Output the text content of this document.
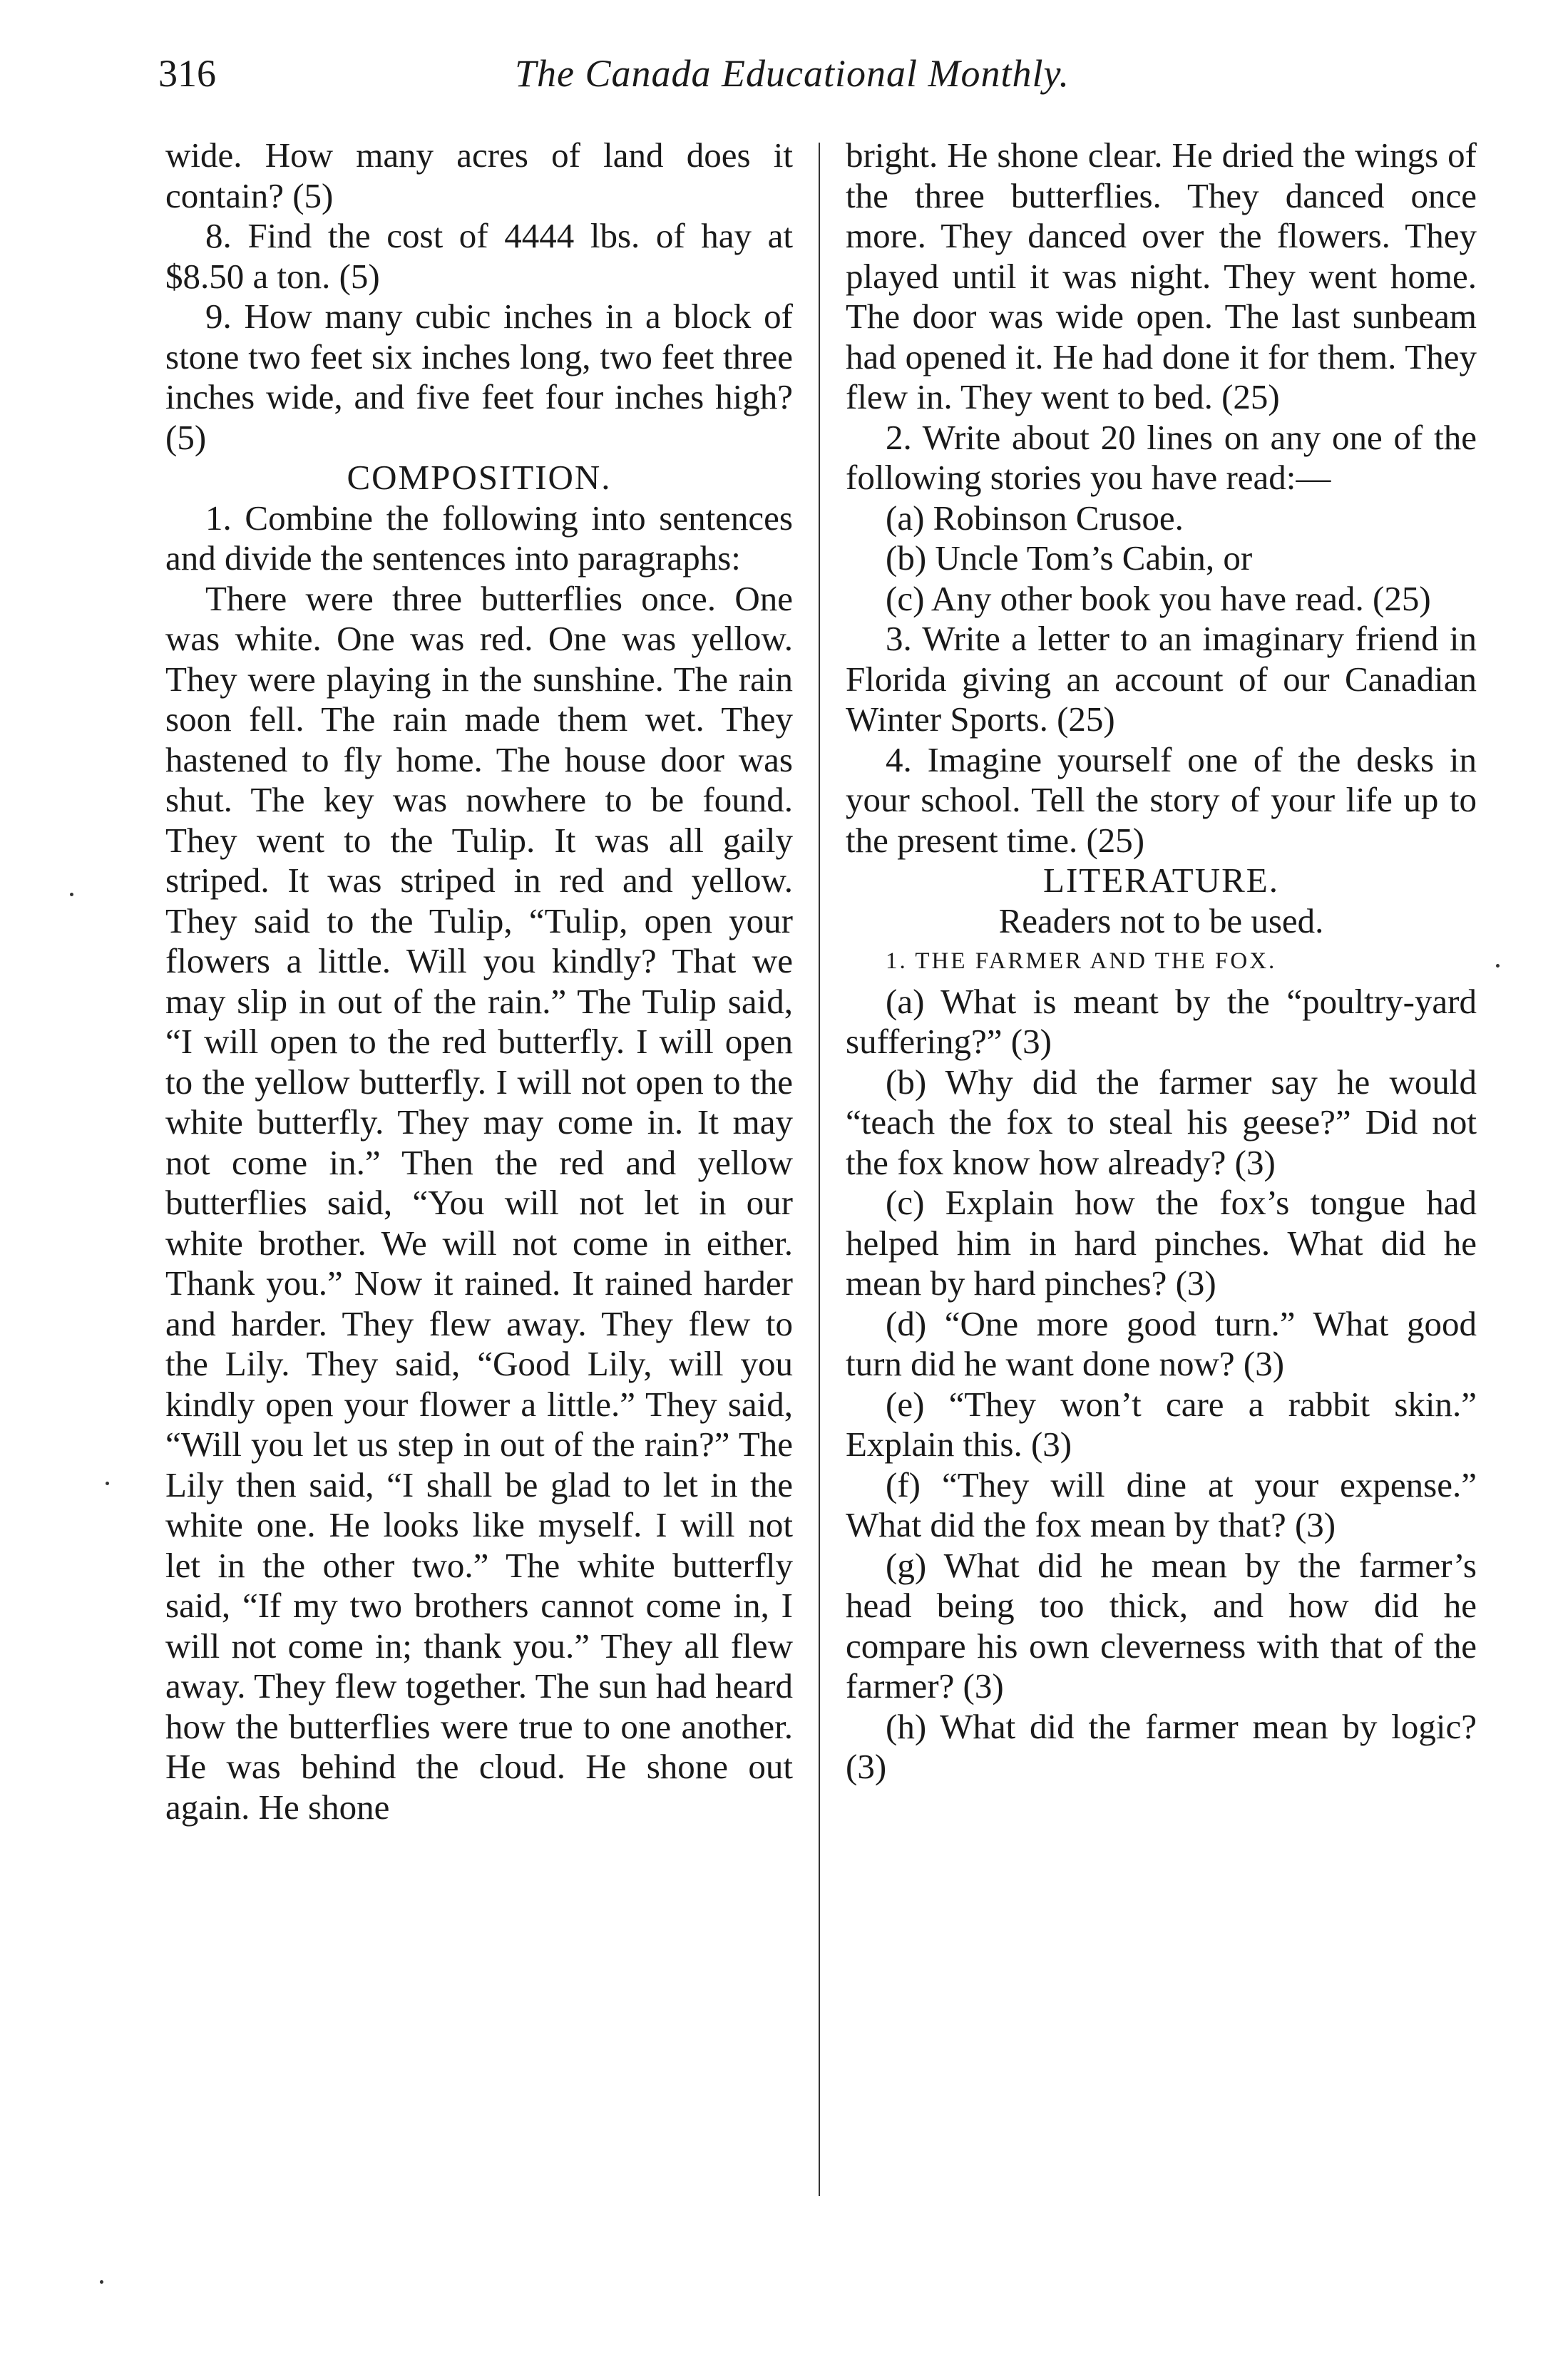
316	The Canada Educational Monthly.

wide. How many acres of land does it contain? (5)

8. Find the cost of 4444 lbs. of hay at $8.50 a ton. (5)

9. How many cubic inches in a block of stone two feet six inches long, two feet three inches wide, and five feet four inches high? (5)

COMPOSITION.

1. Combine the following into sentences and divide the sentences into paragraphs:

There were three butterflies once. One was white. One was red. One was yellow. They were playing in the sunshine. The rain soon fell. The rain made them wet. They hastened to fly home. The house door was shut. The key was nowhere to be found. They went to the Tulip. It was all gaily striped. It was striped in red and yellow. They said to the Tulip, “Tulip, open your flowers a little. Will you kindly? That we may slip in out of the rain.” The Tulip said, “I will open to the red butterfly. I will open to the yellow butterfly. I will not open to the white butterfly. They may come in. It may not come in.” Then the red and yellow butterflies said, “You will not let in our white brother. We will not come in either. Thank you.” Now it rained. It rained harder and harder. They flew away. They flew to the Lily. They said, “Good Lily, will you kindly open your flower a little.” They said, “Will you let us step in out of the rain?” The Lily then said, “I shall be glad to let in the white one. He looks like myself. I will not let in the other two.” The white butterfly said, “If my two brothers cannot come in, I will not come in; thank you.” They all flew away. They flew together. The sun had heard how the butterflies were true to one another. He was behind the cloud. He shone out again. He shone

bright. He shone clear. He dried the wings of the three butterflies. They danced once more. They danced over the flowers. They played until it was night. They went home. The door was wide open. The last sunbeam had opened it. He had done it for them. They flew in. They went to bed. (25)

2. Write about 20 lines on any one of the following stories you have read:—

(a) Robinson Crusoe.

(b) Uncle Tom’s Cabin, or

(c) Any other book you have read. (25)

3. Write a letter to an imaginary friend in Florida giving an account of our Canadian Winter Sports. (25)

4. Imagine yourself one of the desks in your school. Tell the story of your life up to the present time. (25)

LITERATURE.

Readers not to be used.

1. THE FARMER AND THE FOX.

(a) What is meant by the “poultry-yard suffering?” (3)

(b) Why did the farmer say he would “teach the fox to steal his geese?” Did not the fox know how already? (3)

(c) Explain how the fox’s tongue had helped him in hard pinches. What did he mean by hard pinches? (3)

(d) “One more good turn.” What good turn did he want done now? (3)

(e) “They won’t care a rabbit skin.” Explain this. (3)

(f) “They will dine at your expense.” What did the fox mean by that? (3)

(g) What did he mean by the farmer’s head being too thick, and how did he compare his own cleverness with that of the farmer? (3)

(h) What did the farmer mean by logic? (3)
